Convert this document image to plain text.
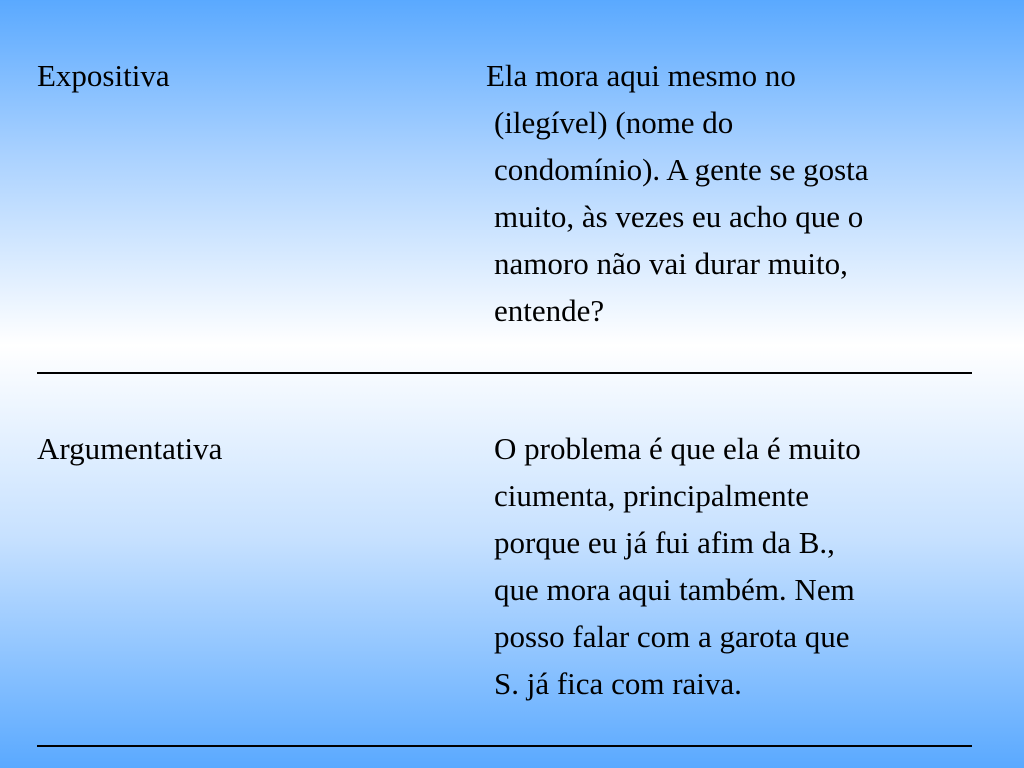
Expositiva	Ela mora aqui mesmo no
(ilegível) (nome do
condomínio). A gente se gosta
muito, às vezes eu acho que o
namoro não vai durar muito,
entende?
Argumentativa	O problema é que ela é muito
ciumenta, principalmente
porque eu já fui afim da B.,
que mora aqui também. Nem
posso falar com a garota que
S. já fica com raiva.
